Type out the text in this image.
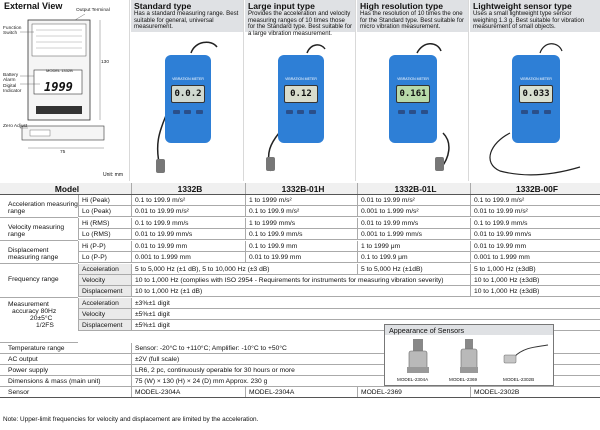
External View	Output Terminal
Function Switch
Battery Alarm
Digital Indicator
Zero Adjust
MODEL 1332B
1999
130
75
Unit: mm
Standard type
Has a standard measuring range. Best suitable for general, universal measurement.
VIBRATION METER
0.0.2
Large input type
Provides the acceleration and velocity measuring ranges of 10 times those for the Standard type. Best suitable for a large vibration measurement.
VIBRATION METER
0.12
High resolution type
Has the resolution of 10 times the one for the Standard type. Best suitable for micro vibration measurement.
VIBRATION METER
0.161
Lightweight sensor type
Uses a small lightweight type sensor weighing 1.3 g. Best suitable for vibration measurement of small objects.
VIBRATION METER
0.033
Model	1332B	1332B-01H	1332B-01L	1332B-00F
Acceleration measuring range
Hi (Peak)	0.1 to 199.9 m/s²	1 to 1999 m/s²	0.01 to 19.99 m/s²	0.1 to 199.9 m/s²
Lo (Peak)	0.01 to 19.99 m/s²	0.1 to 199.9 m/s²	0.001 to 1.999 m/s²	0.01 to 19.99 m/s²
Velocity measuring range
Hi (RMS)	0.1 to 199.9 mm/s	1 to 1999 mm/s	0.01 to 19.99 mm/s	0.1 to 199.9 mm/s
Lo (RMS)	0.01 to 19.99 mm/s	0.1 to 199.9 mm/s	0.001 to 1.999 mm/s	0.01 to 19.99 mm/s
Displacement measuring range
Hi (P-P)	0.01 to 19.99 mm	0.1 to 199.9 mm	1 to 1999 μm	0.01 to 19.99 mm
Lo (P-P)	0.001 to 1.999 mm	0.01 to 19.99 mm	0.1 to 199.9 μm	0.001 to 1.999 mm
Frequency range
Acceleration	5 to 5,000 Hz (±1 dB), 5 to 10,000 Hz (±3 dB)	5 to 5,000 Hz (±1dB)	5 to 1,000 Hz (±3dB)
Velocity	10 to 1,000 Hz (complies with ISO 2954 - Requirements for instruments for measuring vibration severity)	10 to 1,000 Hz (±3dB)
Displacement	10 to 1,000 Hz (±1 dB)	10 to 1,000 Hz (±3dB)
Measurement
accuracy 80Hz
20±5°C
1/2FS
Acceleration	±3%±1 digit
Velocity	±5%±1 digit
Displacement	±5%±1 digit
Temperature range	Sensor: -20°C to +110°C; Amplifier: -10°C to +50°C
AC output	±2V (full scale)
Power supply	LR6, 2 pc, continuously operable for 30 hours or more
Dimensions & mass (main unit)	75 (W) × 130 (H) × 24 (D) mm Approx. 230 g
Sensor	MODEL-2304A	MODEL-2304A	MODEL-2369	MODEL-2302B
Appearance of Sensors
MODEL-2304A	MODEL-2369	MODEL-2302B
Note: Upper-limit frequencies for velocity and displacement are limited by the acceleration.
